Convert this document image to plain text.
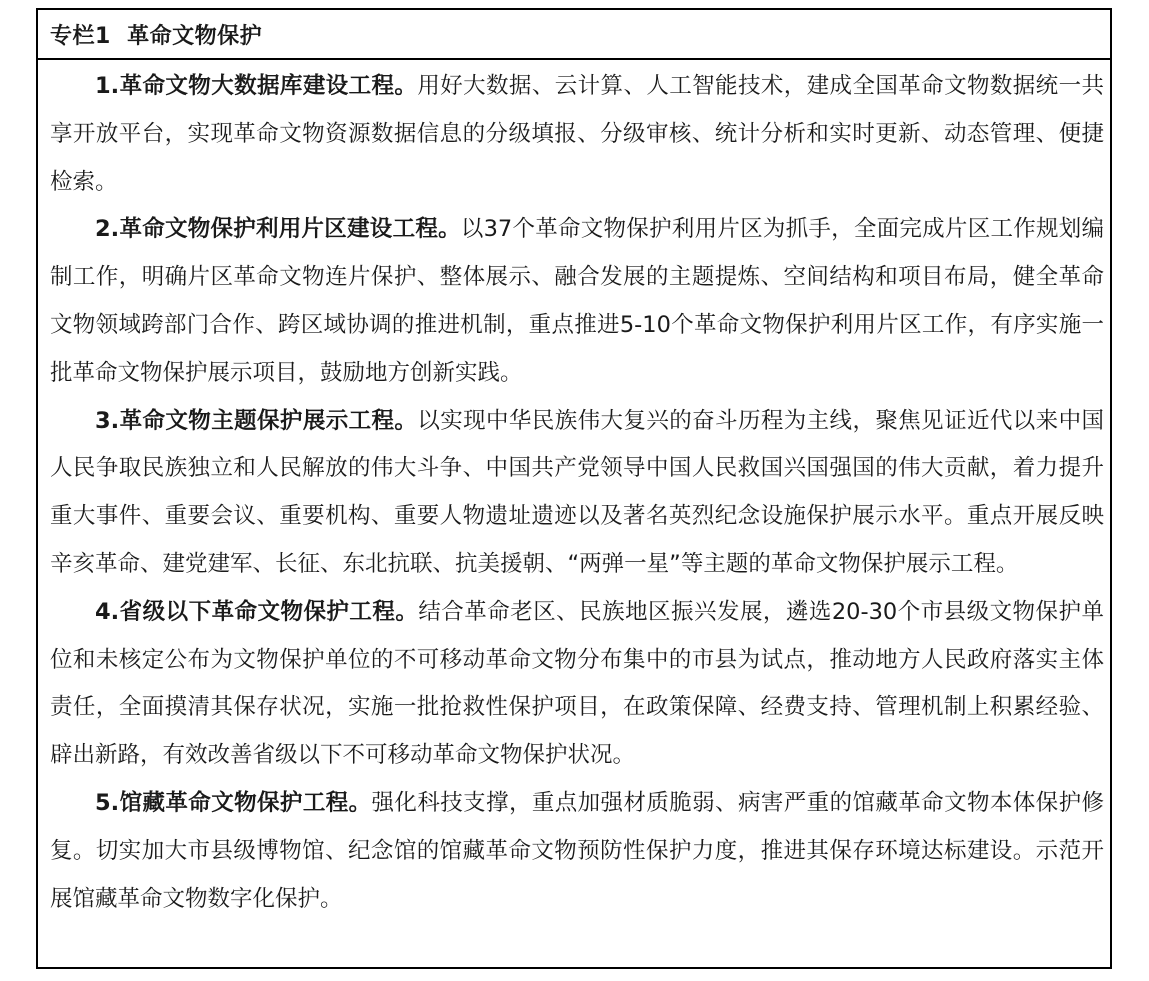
专栏1  革命文物保护

1.革命文物大数据库建设工程。用好大数据、云计算、人工智能技术，建成全国革命文物数据统一共享开放平台，实现革命文物资源数据信息的分级填报、分级审核、统计分析和实时更新、动态管理、便捷检索。

2.革命文物保护利用片区建设工程。以37个革命文物保护利用片区为抓手，全面完成片区工作规划编制工作，明确片区革命文物连片保护、整体展示、融合发展的主题提炼、空间结构和项目布局，健全革命文物领域跨部门合作、跨区域协调的推进机制，重点推进5-10个革命文物保护利用片区工作，有序实施一批革命文物保护展示项目，鼓励地方创新实践。

3.革命文物主题保护展示工程。以实现中华民族伟大复兴的奋斗历程为主线，聚焦见证近代以来中国人民争取民族独立和人民解放的伟大斗争、中国共产党领导中国人民救国兴国强国的伟大贡献，着力提升重大事件、重要会议、重要机构、重要人物遗址遗迹以及著名英烈纪念设施保护展示水平。重点开展反映辛亥革命、建党建军、长征、东北抗联、抗美援朝、“两弹一星”等主题的革命文物保护展示工程。

4.省级以下革命文物保护工程。结合革命老区、民族地区振兴发展，遴选20-30个市县级文物保护单位和未核定公布为文物保护单位的不可移动革命文物分布集中的市县为试点，推动地方人民政府落实主体责任，全面摸清其保存状况，实施一批抢救性保护项目，在政策保障、经费支持、管理机制上积累经验、辟出新路，有效改善省级以下不可移动革命文物保护状况。

5.馆藏革命文物保护工程。强化科技支撑，重点加强材质脆弱、病害严重的馆藏革命文物本体保护修复。切实加大市县级博物馆、纪念馆的馆藏革命文物预防性保护力度，推进其保存环境达标建设。示范开展馆藏革命文物数字化保护。
